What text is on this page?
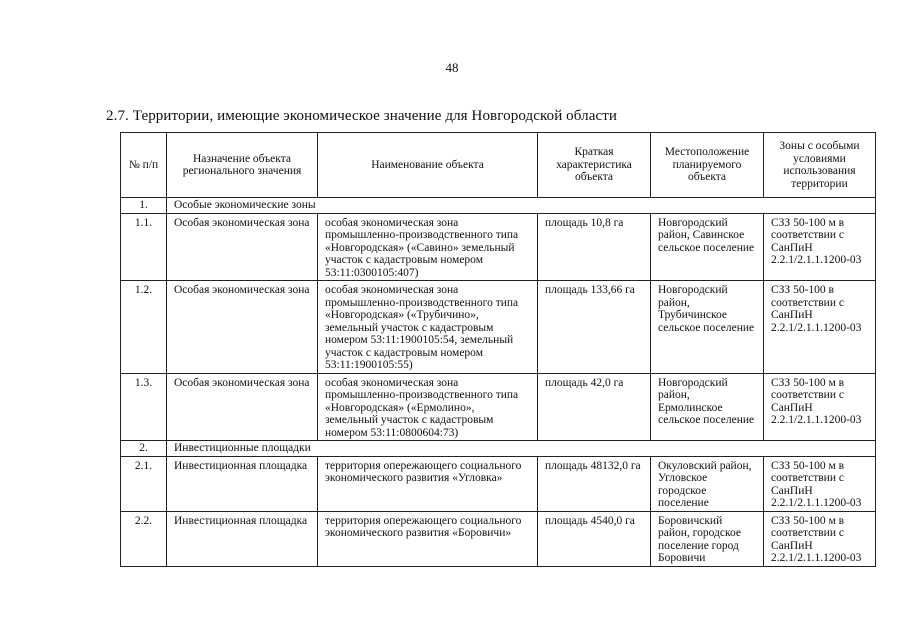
48
2.7. Территории, имеющие экономическое значение для Новгородской области
№ п/п	Назначение объекта регионального значения	Наименование объекта	Краткая характеристика объекта	Местоположение планируемого объекта	Зоны с особыми условиями использования территории
1.	Особые экономические зоны				
1.1.	Особая экономическая зона	особая экономическая зона промышленно-производственного типа «Новгородская» («Савино» земельный участок с кадастровым номером 53:11:0300105:407)	площадь 10,8 га	Новгородский район, Савинское сельское поселение	СЗЗ 50-100 м в соответствии с СанПиН 2.2.1/2.1.1.1200-03
1.2.	Особая экономическая зона	особая экономическая зона промышленно-производственного типа «Новгородская» («Трубичино», земельный участок с кадастровым номером 53:11:1900105:54, земельный участок с кадастровым номером 53:11:1900105:55)	площадь 133,66 га	Новгородский район, Трубичинское сельское поселение	СЗЗ 50-100 в соответствии с СанПиН 2.2.1/2.1.1.1200-03
1.3.	Особая экономическая зона	особая экономическая зона промышленно-производственного типа «Новгородская» («Ермолино», земельный участок с кадастровым номером 53:11:0800604:73)	площадь 42,0 га	Новгородский район, Ермолинское сельское поселение	СЗЗ 50-100 м в соответствии с СанПиН 2.2.1/2.1.1.1200-03
2.	Инвестиционные площадки				
2.1.	Инвестиционная площадка	территория опережающего социального экономического развития «Угловка»	площадь 48132,0 га	Окуловский район, Угловское городское поселение	СЗЗ 50-100 м в соответствии с СанПиН 2.2.1/2.1.1.1200-03
2.2.	Инвестиционная площадка	территория опережающего социального экономического развития «Боровичи»	площадь 4540,0 га	Боровичский район, городское поселение город Боровичи	СЗЗ 50-100 м в соответствии с СанПиН 2.2.1/2.1.1.1200-03
